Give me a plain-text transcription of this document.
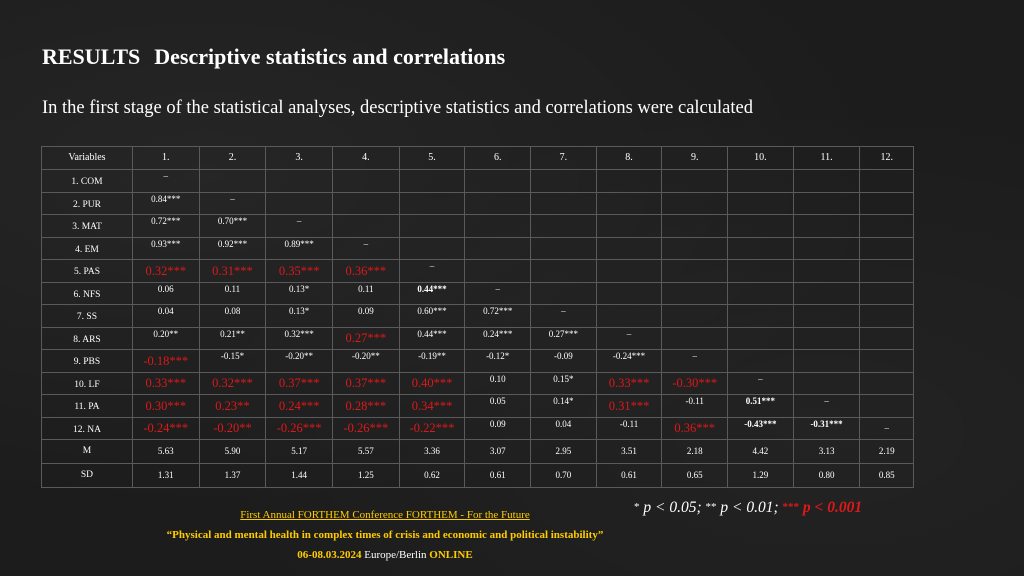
RESULTS Descriptive statistics and correlations
In the first stage of the statistical analyses, descriptive statistics and correlations were calculated
Variables	1.	2.	3.	4.	5.	6.	7.	8.	9.	10.	11.	12.
1. COM	–											
2. PUR	0.84***	–										
3. MAT	0.72***	0.70***	–									
4. EM	0.93***	0.92***	0.89***	–								
5. PAS	0.32***	0.31***	0.35***	0.36***	–							
6. NFS	0.06	0.11	0.13*	0.11	0.44***	–						
7. SS	0.04	0.08	0.13*	0.09	0.60***	0.72***	–					
8. ARS	0.20**	0.21**	0.32***	0.27***	0.44***	0.24***	0.27***	–				
9. PBS	-0.18***	-0.15*	-0.20**	-0.20**	-0.19**	-0.12*	-0.09	-0.24***	–			
10. LF	0.33***	0.32***	0.37***	0.37***	0.40***	0.10	0.15*	0.33***	-0.30***	–		
11. PA	0.30***	0.23**	0.24***	0.28***	0.34***	0.05	0.14*	0.31***	-0.11	0.51***	–	
12. NA	-0.24***	-0.20**	-0.26***	-0.26***	-0.22***	0.09	0.04	-0.11	0.36***	-0.43***	-0.31***	–
M	5.63	5.90	5.17	5.57	3.36	3.07	2.95	3.51	2.18	4.42	3.13	2.19
SD	1.31	1.37	1.44	1.25	0.62	0.61	0.70	0.61	0.65	1.29	0.80	0.85
* p < 0.05; ** p < 0.01; *** p < 0.001
First Annual FORTHEM Conference FORTHEM - For the Future
“Physical and mental health in complex times of crisis and economic and political instability”
06-08.03.2024 Europe/Berlin ONLINE
